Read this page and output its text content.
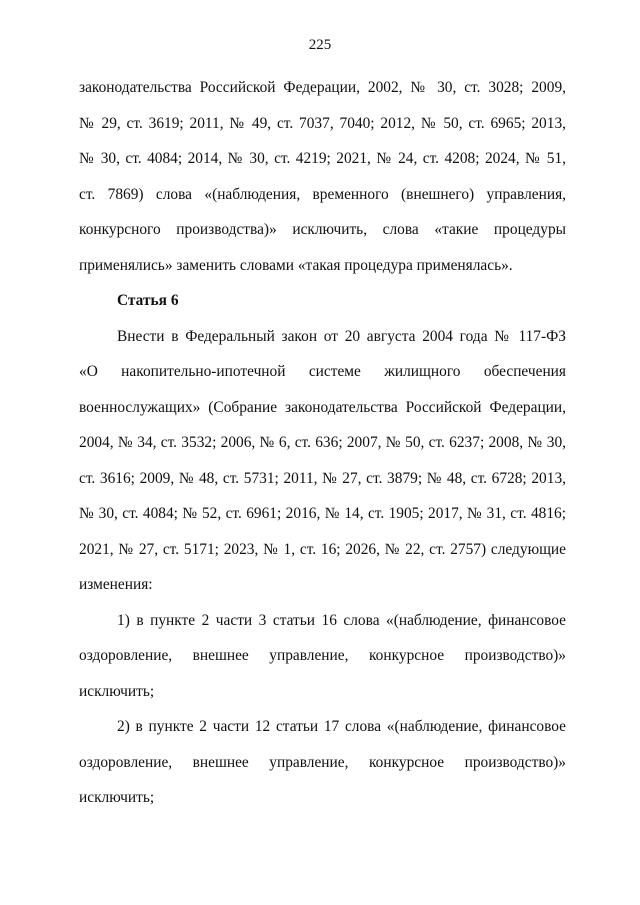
225
законодательства Российской Федерации, 2002, № 30, ст. 3028; 2009,
№ 29, ст. 3619; 2011, № 49, ст. 7037, 7040; 2012, № 50, ст. 6965; 2013,
№ 30, ст. 4084; 2014, № 30, ст. 4219; 2021, № 24, ст. 4208; 2024, № 51,
ст. 7869) слова «(наблюдения, временного (внешнего) управления,
конкурсного производства)» исключить, слова «такие процедуры
применялись» заменить словами «такая процедура применялась».
Статья 6
Внести в Федеральный закон от 20 августа 2004 года № 117-ФЗ
«О накопительно-ипотечной системе жилищного обеспечения
военнослужащих» (Собрание законодательства Российской Федерации,
2004, № 34, ст. 3532; 2006, № 6, ст. 636; 2007, № 50, ст. 6237; 2008, № 30,
ст. 3616; 2009, № 48, ст. 5731; 2011, № 27, ст. 3879; № 48, ст. 6728; 2013,
№ 30, ст. 4084; № 52, ст. 6961; 2016, № 14, ст. 1905; 2017, № 31, ст. 4816;
2021, № 27, ст. 5171; 2023, № 1, ст. 16; 2026, № 22, ст. 2757) следующие
изменения:
1) в пункте 2 части 3 статьи 16 слова «(наблюдение, финансовое
оздоровление, внешнее управление, конкурсное производство)»
исключить;
2) в пункте 2 части 12 статьи 17 слова «(наблюдение, финансовое
оздоровление, внешнее управление, конкурсное производство)»
исключить;
